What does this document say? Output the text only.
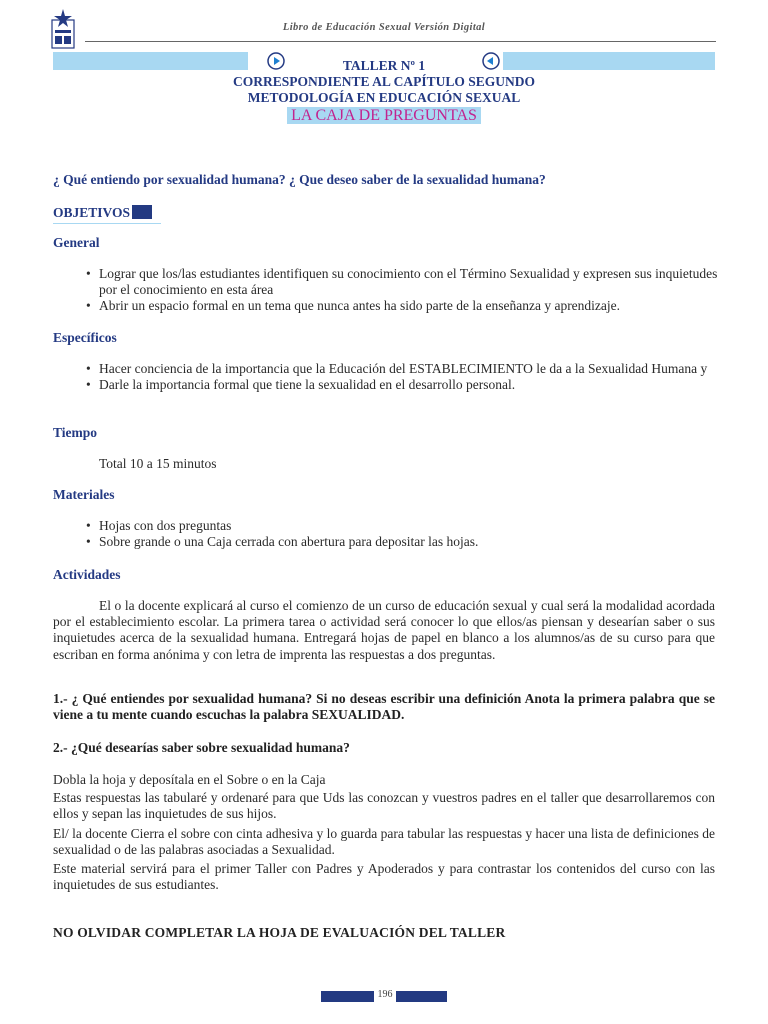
Libro de Educación Sexual Versión Digital
TALLER Nº 1
CORRESPONDIENTE AL CAPÍTULO SEGUNDO
METODOLOGÍA EN EDUCACIÓN SEXUAL
LA CAJA DE PREGUNTAS
¿ Qué entiendo por sexualidad humana? ¿ Que deseo saber de la sexualidad humana?
OBJETIVOS
General
• Lograr que los/las estudiantes identifiquen su conocimiento con el Término Sexualidad y expresen sus inquietudes por el conocimiento en esta área
• Abrir un espacio formal en un tema que nunca antes ha sido parte de la enseñanza y aprendizaje.
Específicos
• Hacer conciencia de la importancia que la Educación del ESTABLECIMIENTO le da a la Sexualidad Humana y
• Darle la importancia formal que tiene la sexualidad en el desarrollo personal.
Tiempo
Total 10 a 15 minutos
Materiales
• Hojas con dos preguntas
• Sobre grande o una Caja cerrada con abertura para depositar las hojas.
Actividades

El o la docente explicará al curso el comienzo de un curso de educación sexual y cual será la modalidad acordada por el establecimiento escolar. La primera tarea o actividad será conocer lo que ellos/as piensan y desearían saber o sus inquietudes acerca de la sexualidad humana. Entregará hojas de papel en blanco a los alumnos/as de su curso para que escriban en forma anónima y con letra de imprenta las respuestas a dos preguntas.

1.- ¿ Qué entiendes por sexualidad humana? Si no deseas escribir una definición Anota la primera palabra que se viene a tu mente cuando escuchas la palabra SEXUALIDAD.

2.- ¿Qué desearías saber sobre sexualidad humana?

Dobla la hoja y deposítala en el Sobre o en la Caja

Estas respuestas las tabularé y ordenaré para que Uds las conozcan y vuestros padres en el taller que desarrollaremos con ellos y sepan las inquietudes de sus hijos.

El/ la docente Cierra el sobre con cinta adhesiva y lo guarda para tabular las respuestas y hacer una lista de definiciones de sexualidad o de las palabras asociadas a Sexualidad.

Este material servirá para el primer Taller con Padres y Apoderados y para contrastar los contenidos del curso con las inquietudes de sus estudiantes.

NO OLVIDAR COMPLETAR LA HOJA DE EVALUACIÓN DEL TALLER
196
